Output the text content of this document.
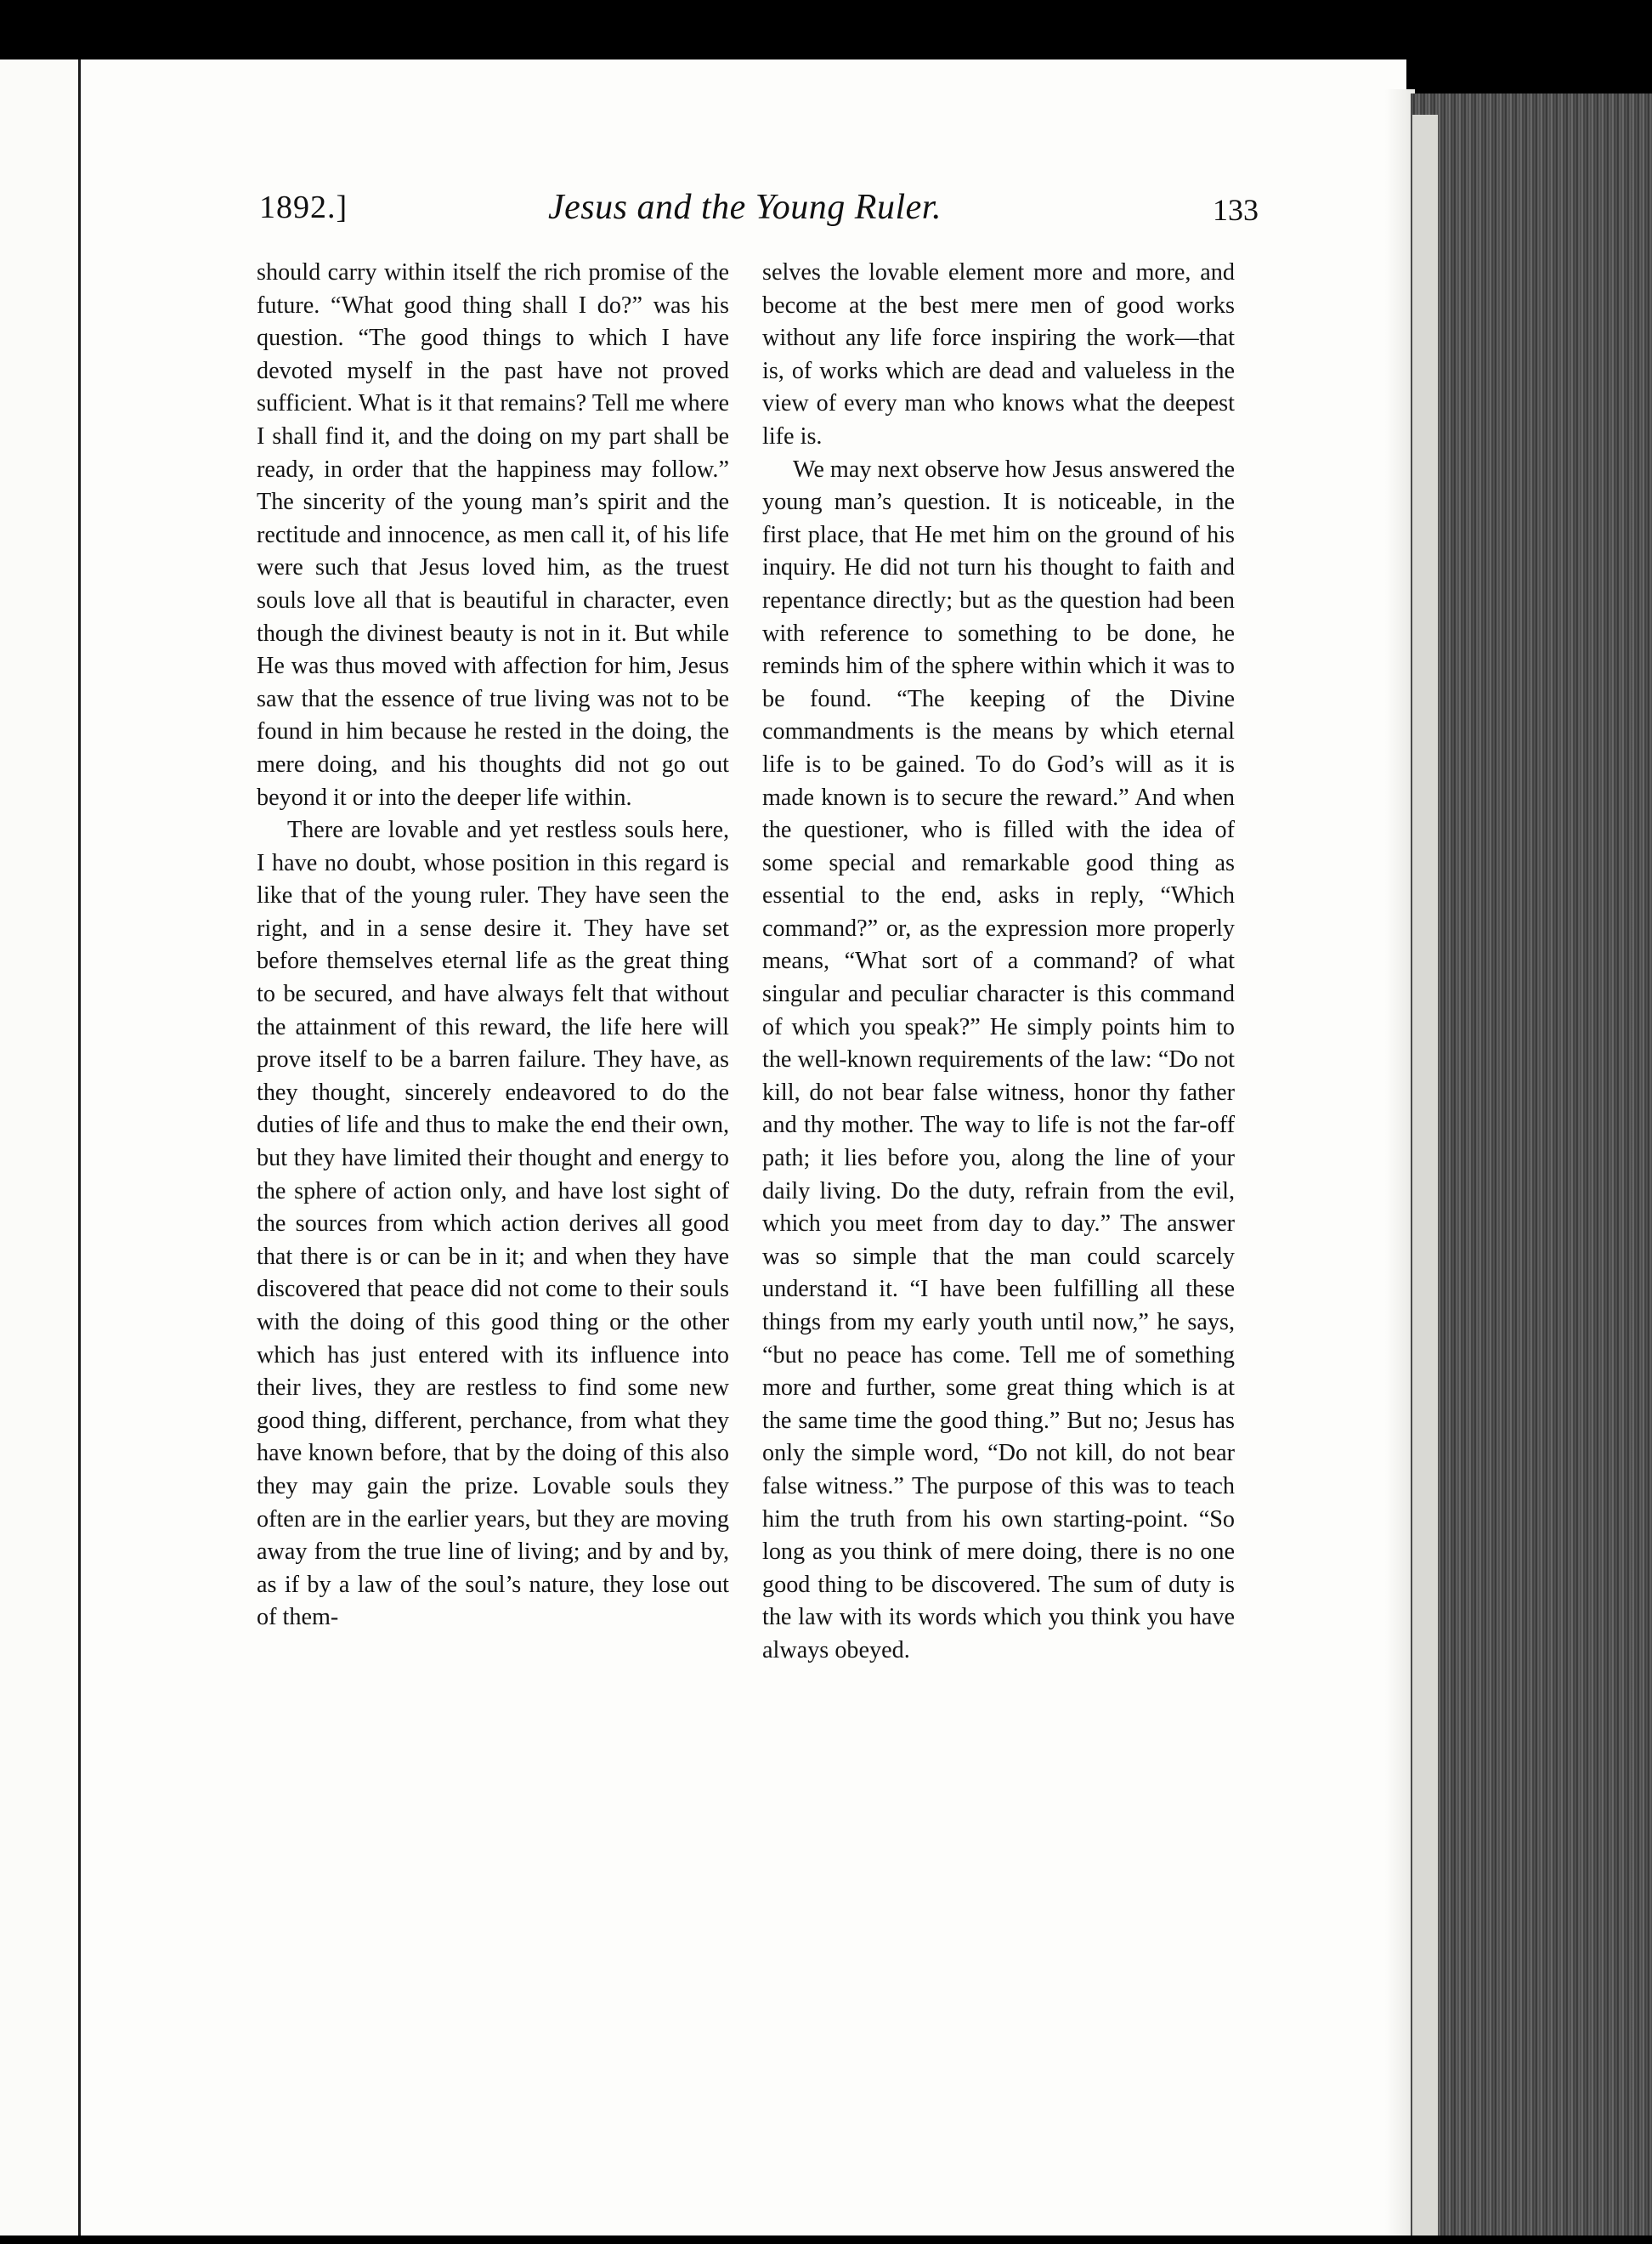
1892.]	Jesus and the Young Ruler.	133

should carry within itself the rich promise of the future. “What good thing shall I do?” was his question. “The good things to which I have devoted myself in the past have not proved sufficient. What is it that remains? Tell me where I shall find it, and the doing on my part shall be ready, in order that the happiness may follow.” The sincerity of the young man’s spirit and the rectitude and innocence, as men call it, of his life were such that Jesus loved him, as the truest souls love all that is beautiful in character, even though the divinest beauty is not in it. But while He was thus moved with affection for him, Jesus saw that the essence of true living was not to be found in him because he rested in the doing, the mere doing, and his thoughts did not go out beyond it or into the deeper life within.

There are lovable and yet restless souls here, I have no doubt, whose position in this regard is like that of the young ruler. They have seen the right, and in a sense desire it. They have set before themselves eternal life as the great thing to be secured, and have always felt that without the attainment of this reward, the life here will prove itself to be a barren failure. They have, as they thought, sincerely endeavored to do the duties of life and thus to make the end their own, but they have limited their thought and energy to the sphere of action only, and have lost sight of the sources from which action derives all good that there is or can be in it; and when they have discovered that peace did not come to their souls with the doing of this good thing or the other which has just entered with its influence into their lives, they are restless to find some new good thing, different, perchance, from what they have known before, that by the doing of this also they may gain the prize. Lovable souls they often are in the earlier years, but they are moving away from the true line of living; and by and by, as if by a law of the soul’s nature, they lose out of them-

selves the lovable element more and more, and become at the best mere men of good works without any life force inspiring the work—that is, of works which are dead and valueless in the view of every man who knows what the deepest life is.

We may next observe how Jesus answered the young man’s question. It is noticeable, in the first place, that He met him on the ground of his inquiry. He did not turn his thought to faith and repentance directly; but as the question had been with reference to something to be done, he reminds him of the sphere within which it was to be found. “The keeping of the Divine commandments is the means by which eternal life is to be gained. To do God’s will as it is made known is to secure the reward.” And when the questioner, who is filled with the idea of some special and remarkable good thing as essential to the end, asks in reply, “Which command?” or, as the expression more properly means, “What sort of a command? of what singular and peculiar character is this command of which you speak?” He simply points him to the well-known requirements of the law: “Do not kill, do not bear false witness, honor thy father and thy mother. The way to life is not the far-off path; it lies before you, along the line of your daily living. Do the duty, refrain from the evil, which you meet from day to day.” The answer was so simple that the man could scarcely understand it. “I have been fulfilling all these things from my early youth until now,” he says, “but no peace has come. Tell me of something more and further, some great thing which is at the same time the good thing.” But no; Jesus has only the simple word, “Do not kill, do not bear false witness.” The purpose of this was to teach him the truth from his own starting-point. “So long as you think of mere doing, there is no one good thing to be discovered. The sum of duty is the law with its words which you think you have always obeyed.
